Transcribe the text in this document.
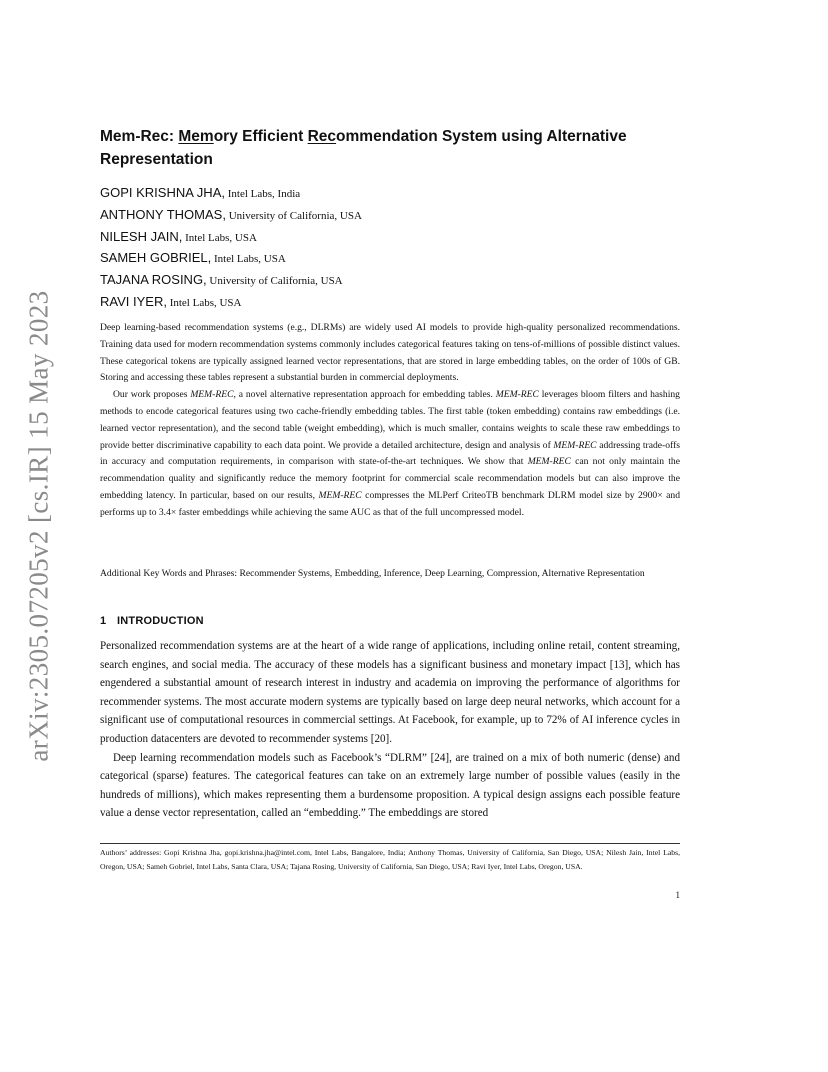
arXiv:2305.07205v2 [cs.IR] 15 May 2023
Mem-Rec: Memory Efficient Recommendation System using Alternative Representation
GOPI KRISHNA JHA, Intel Labs, India
ANTHONY THOMAS, University of California, USA
NILESH JAIN, Intel Labs, USA
SAMEH GOBRIEL, Intel Labs, USA
TAJANA ROSING, University of California, USA
RAVI IYER, Intel Labs, USA

Deep learning-based recommendation systems (e.g., DLRMs) are widely used AI models to provide high-quality personalized recommendations. Training data used for modern recommendation systems commonly includes categorical features taking on tens-of-millions of possible distinct values. These categorical tokens are typically assigned learned vector representations, that are stored in large embedding tables, on the order of 100s of GB. Storing and accessing these tables represent a substantial burden in commercial deployments.

Our work proposes MEM-REC, a novel alternative representation approach for embedding tables. MEM-REC leverages bloom filters and hashing methods to encode categorical features using two cache-friendly embedding tables. The first table (token embedding) contains raw embeddings (i.e. learned vector representation), and the second table (weight embedding), which is much smaller, contains weights to scale these raw embeddings to provide better discriminative capability to each data point. We provide a detailed architecture, design and analysis of MEM-REC addressing trade-offs in accuracy and computation requirements, in comparison with state-of-the-art techniques. We show that MEM-REC can not only maintain the recommendation quality and significantly reduce the memory footprint for commercial scale recommendation models but can also improve the embedding latency. In particular, based on our results, MEM-REC compresses the MLPerf CriteoTB benchmark DLRM model size by 2900× and performs up to 3.4× faster embeddings while achieving the same AUC as that of the full uncompressed model.

Additional Key Words and Phrases: Recommender Systems, Embedding, Inference, Deep Learning, Compression, Alternative Representation

1 INTRODUCTION

Personalized recommendation systems are at the heart of a wide range of applications, including online retail, content streaming, search engines, and social media. The accuracy of these models has a significant business and monetary impact [13], which has engendered a substantial amount of research interest in industry and academia on improving the performance of algorithms for recommender systems. The most accurate modern systems are typically based on large deep neural networks, which account for a significant use of computational resources in commercial settings. At Facebook, for example, up to 72% of AI inference cycles in production datacenters are devoted to recommender systems [20].

Deep learning recommendation models such as Facebook’s “DLRM” [24], are trained on a mix of both numeric (dense) and categorical (sparse) features. The categorical features can take on an extremely large number of possible values (easily in the hundreds of millions), which makes representing them a burdensome proposition. A typical design assigns each possible feature value a dense vector representation, called an “embedding.” The embeddings are stored

Authors’ addresses: Gopi Krishna Jha, gopi.krishna.jha@intel.com, Intel Labs, Bangalore, India; Anthony Thomas, University of California, San Diego, USA; Nilesh Jain, Intel Labs, Oregon, USA; Sameh Gobriel, Intel Labs, Santa Clara, USA; Tajana Rosing, University of California, San Diego, USA; Ravi Iyer, Intel Labs, Oregon, USA.

1
